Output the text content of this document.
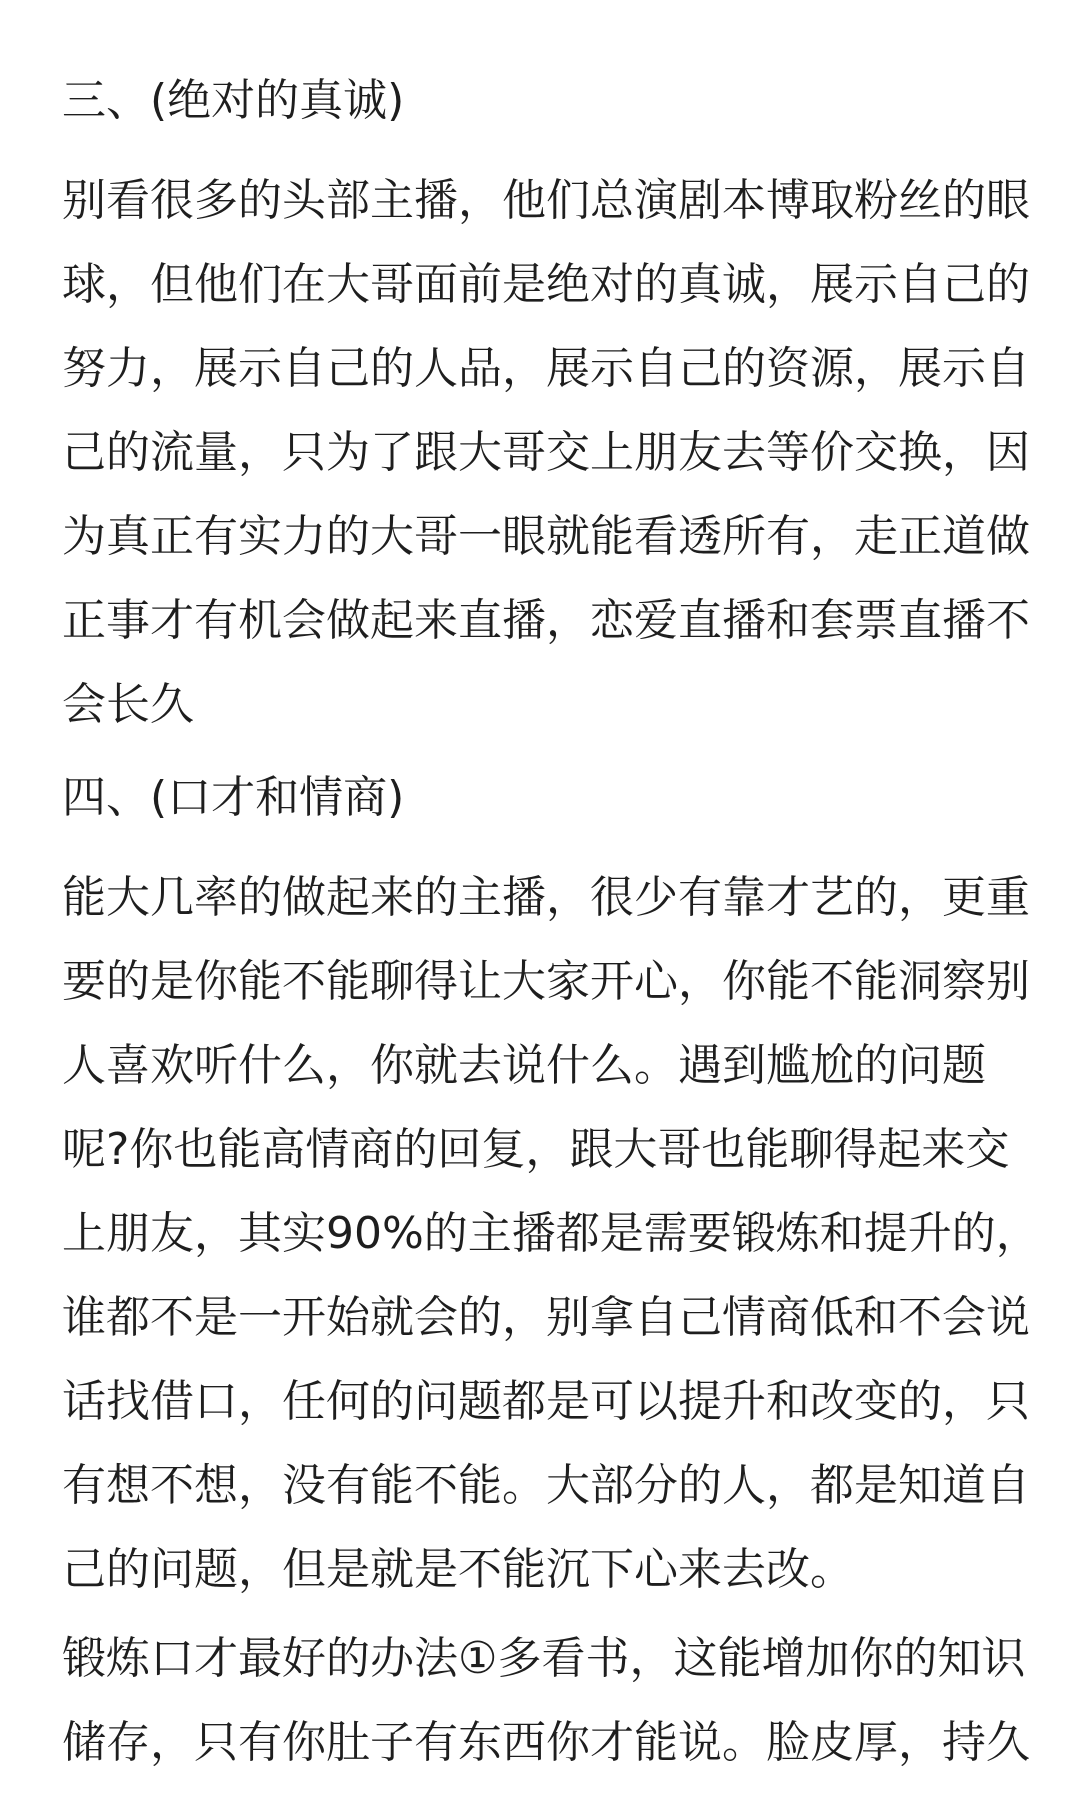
三、(绝对的真诚)

别看很多的头部主播，他们总演剧本博取粉丝的眼
球，但他们在大哥面前是绝对的真诚，展示自己的
努力，展示自己的人品，展示自己的资源，展示自
己的流量，只为了跟大哥交上朋友去等价交换，因
为真正有实力的大哥一眼就能看透所有，走正道做
正事才有机会做起来直播，恋爱直播和套票直播不
会长久

四、(口才和情商)

能大几率的做起来的主播，很少有靠才艺的，更重
要的是你能不能聊得让大家开心，你能不能洞察别
人喜欢听什么，你就去说什么。遇到尴尬的问题
呢?你也能高情商的回复，跟大哥也能聊得起来交
上朋友，其实90%的主播都是需要锻炼和提升的，
谁都不是一开始就会的，别拿自己情商低和不会说
话找借口，任何的问题都是可以提升和改变的，只
有想不想，没有能不能。大部分的人，都是知道自
己的问题，但是就是不能沉下心来去改。

锻炼口才最好的办法①多看书，这能增加你的知识
储存，只有你肚子有东西你才能说。脸皮厚，持久
